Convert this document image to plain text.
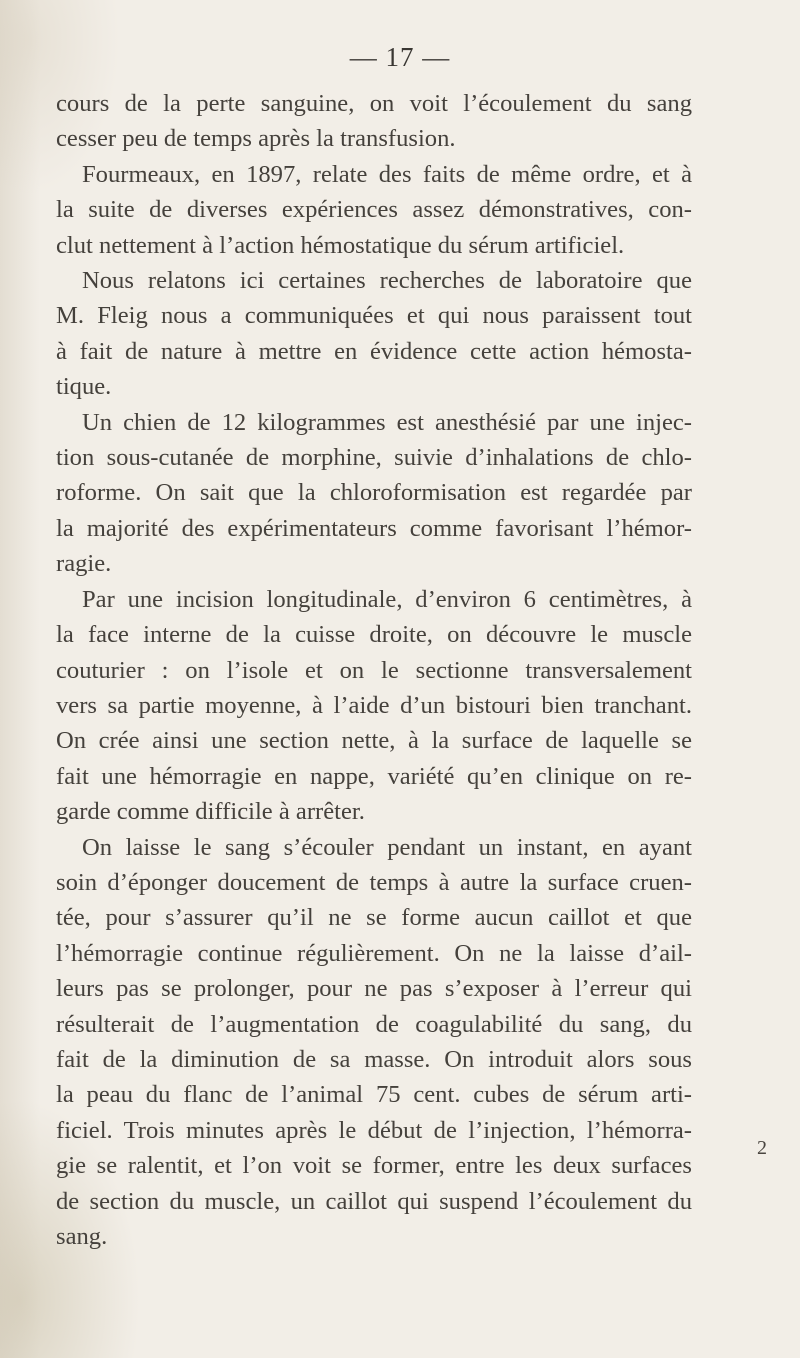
— 17 —

cours de la perte sanguine, on voit l’écoulement du sang
cesser peu de temps après la transfusion.
Fourmeaux, en 1897, relate des faits de même ordre, et à
la suite de diverses expériences assez démonstratives, con-
clut nettement à l’action hémostatique du sérum artificiel.
Nous relatons ici certaines recherches de laboratoire que
M. Fleig nous a communiquées et qui nous paraissent tout
à fait de nature à mettre en évidence cette action hémosta-
tique.
Un chien de 12 kilogrammes est anesthésié par une injec-
tion sous-cutanée de morphine, suivie d’inhalations de chlo-
roforme. On sait que la chloroformisation est regardée par
la majorité des expérimentateurs comme favorisant l’hémor-
ragie.
Par une incision longitudinale, d’environ 6 centimètres, à
la face interne de la cuisse droite, on découvre le muscle
couturier : on l’isole et on le sectionne transversalement
vers sa partie moyenne, à l’aide d’un bistouri bien tranchant.
On crée ainsi une section nette, à la surface de laquelle se
fait une hémorragie en nappe, variété qu’en clinique on re-
garde comme difficile à arrêter.
On laisse le sang s’écouler pendant un instant, en ayant
soin d’éponger doucement de temps à autre la surface cruen-
tée, pour s’assurer qu’il ne se forme aucun caillot et que
l’hémorragie continue régulièrement. On ne la laisse d’ail-
leurs pas se prolonger, pour ne pas s’exposer à l’erreur qui
résulterait de l’augmentation de coagulabilité du sang, du
fait de la diminution de sa masse. On introduit alors sous
la peau du flanc de l’animal 75 cent. cubes de sérum arti-
ficiel. Trois minutes après le début de l’injection, l’hémorra-
gie se ralentit, et l’on voit se former, entre les deux surfaces
de section du muscle, un caillot qui suspend l’écoulement du
sang.

2
